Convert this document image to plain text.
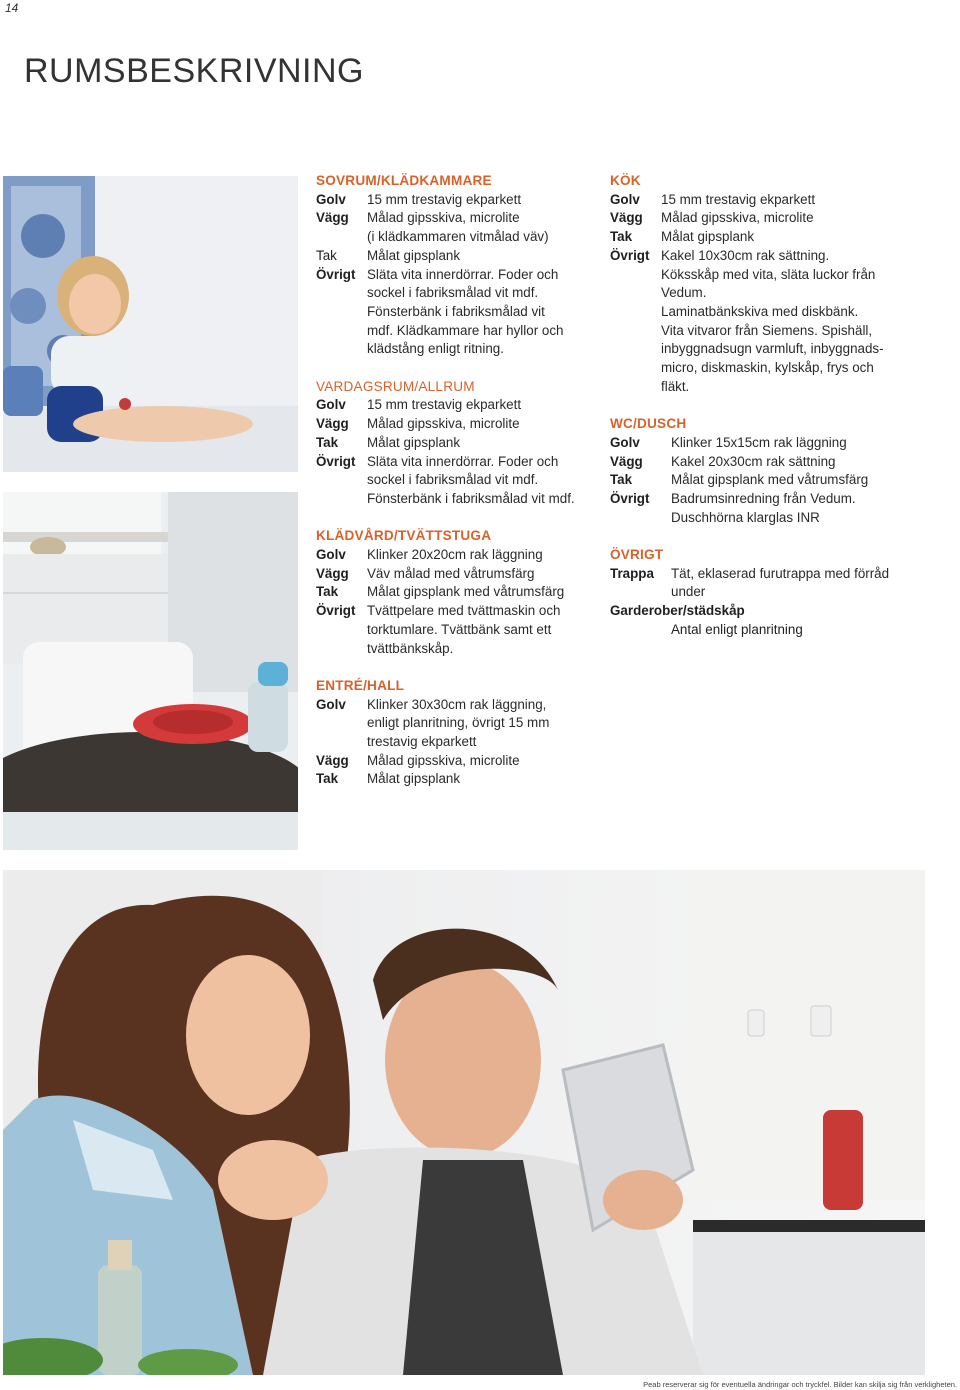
14
RUMSBESKRIVNING
SOVRUM/KLÄDKAMMARE
Golv	15 mm trestavig ekparkett
Vägg	Målad gipsskiva, microlite
(i klädkammaren vitmålad väv)
Tak	Målat gipsplank
Övrigt Släta vita innerdörrar. Foder och
sockel i fabriksmålad vit mdf.
Fönsterbänk i fabriksmålad vit
mdf. Klädkammare har hyllor och
klädstång enligt ritning.
VARDAGSRUM/ALLRUM
Golv	15 mm trestavig ekparkett
Vägg	Målad gipsskiva, microlite
Tak	Målat gipsplank
Övrigt Släta vita innerdörrar. Foder och
sockel i fabriksmålad vit mdf.
Fönsterbänk i fabriksmålad vit mdf.
KLÄDVÅRD/TVÄTTSTUGA
Golv	Klinker 20x20cm rak läggning
Vägg	Väv målad med våtrumsfärg
Tak	Målat gipsplank med våtrumsfärg
Övrigt Tvättpelare med tvättmaskin och
torktumlare. Tvättbänk samt ett
tvättbänkskåp.
ENTRÉ/HALL
Golv	Klinker 30x30cm rak läggning,
enligt planritning, övrigt 15 mm
trestavig ekparkett
Vägg	Målad gipsskiva, microlite
Tak	Målat gipsplank
KÖK
Golv	15 mm trestavig ekparkett
Vägg	Målad gipsskiva, microlite
Tak	Målat gipsplank
Övrigt Kakel 10x30cm rak sättning.
Köksskåp med vita, släta luckor från
Vedum.
Laminatbänkskiva med diskbänk.
Vita vitvaror från Siemens. Spishäll,
inbyggnadsugn varmluft, inbyggnads-
micro, diskmaskin, kylskåp, frys och
fläkt.
WC/DUSCH
Golv	Klinker 15x15cm rak läggning
Vägg	Kakel 20x30cm rak sättning
Tak	Målat gipsplank med våtrumsfärg
Övrigt	Badrumsinredning från Vedum.
Duschhörna klarglas INR
ÖVRIGT
Trappa	Tät, eklaserad furutrappa med förråd
under
Garderober/städskåp
Antal enligt planritning
Peab reserverar sig för eventuella ändringar och tryckfel. Bilder kan skilja sig från verkligheten.
